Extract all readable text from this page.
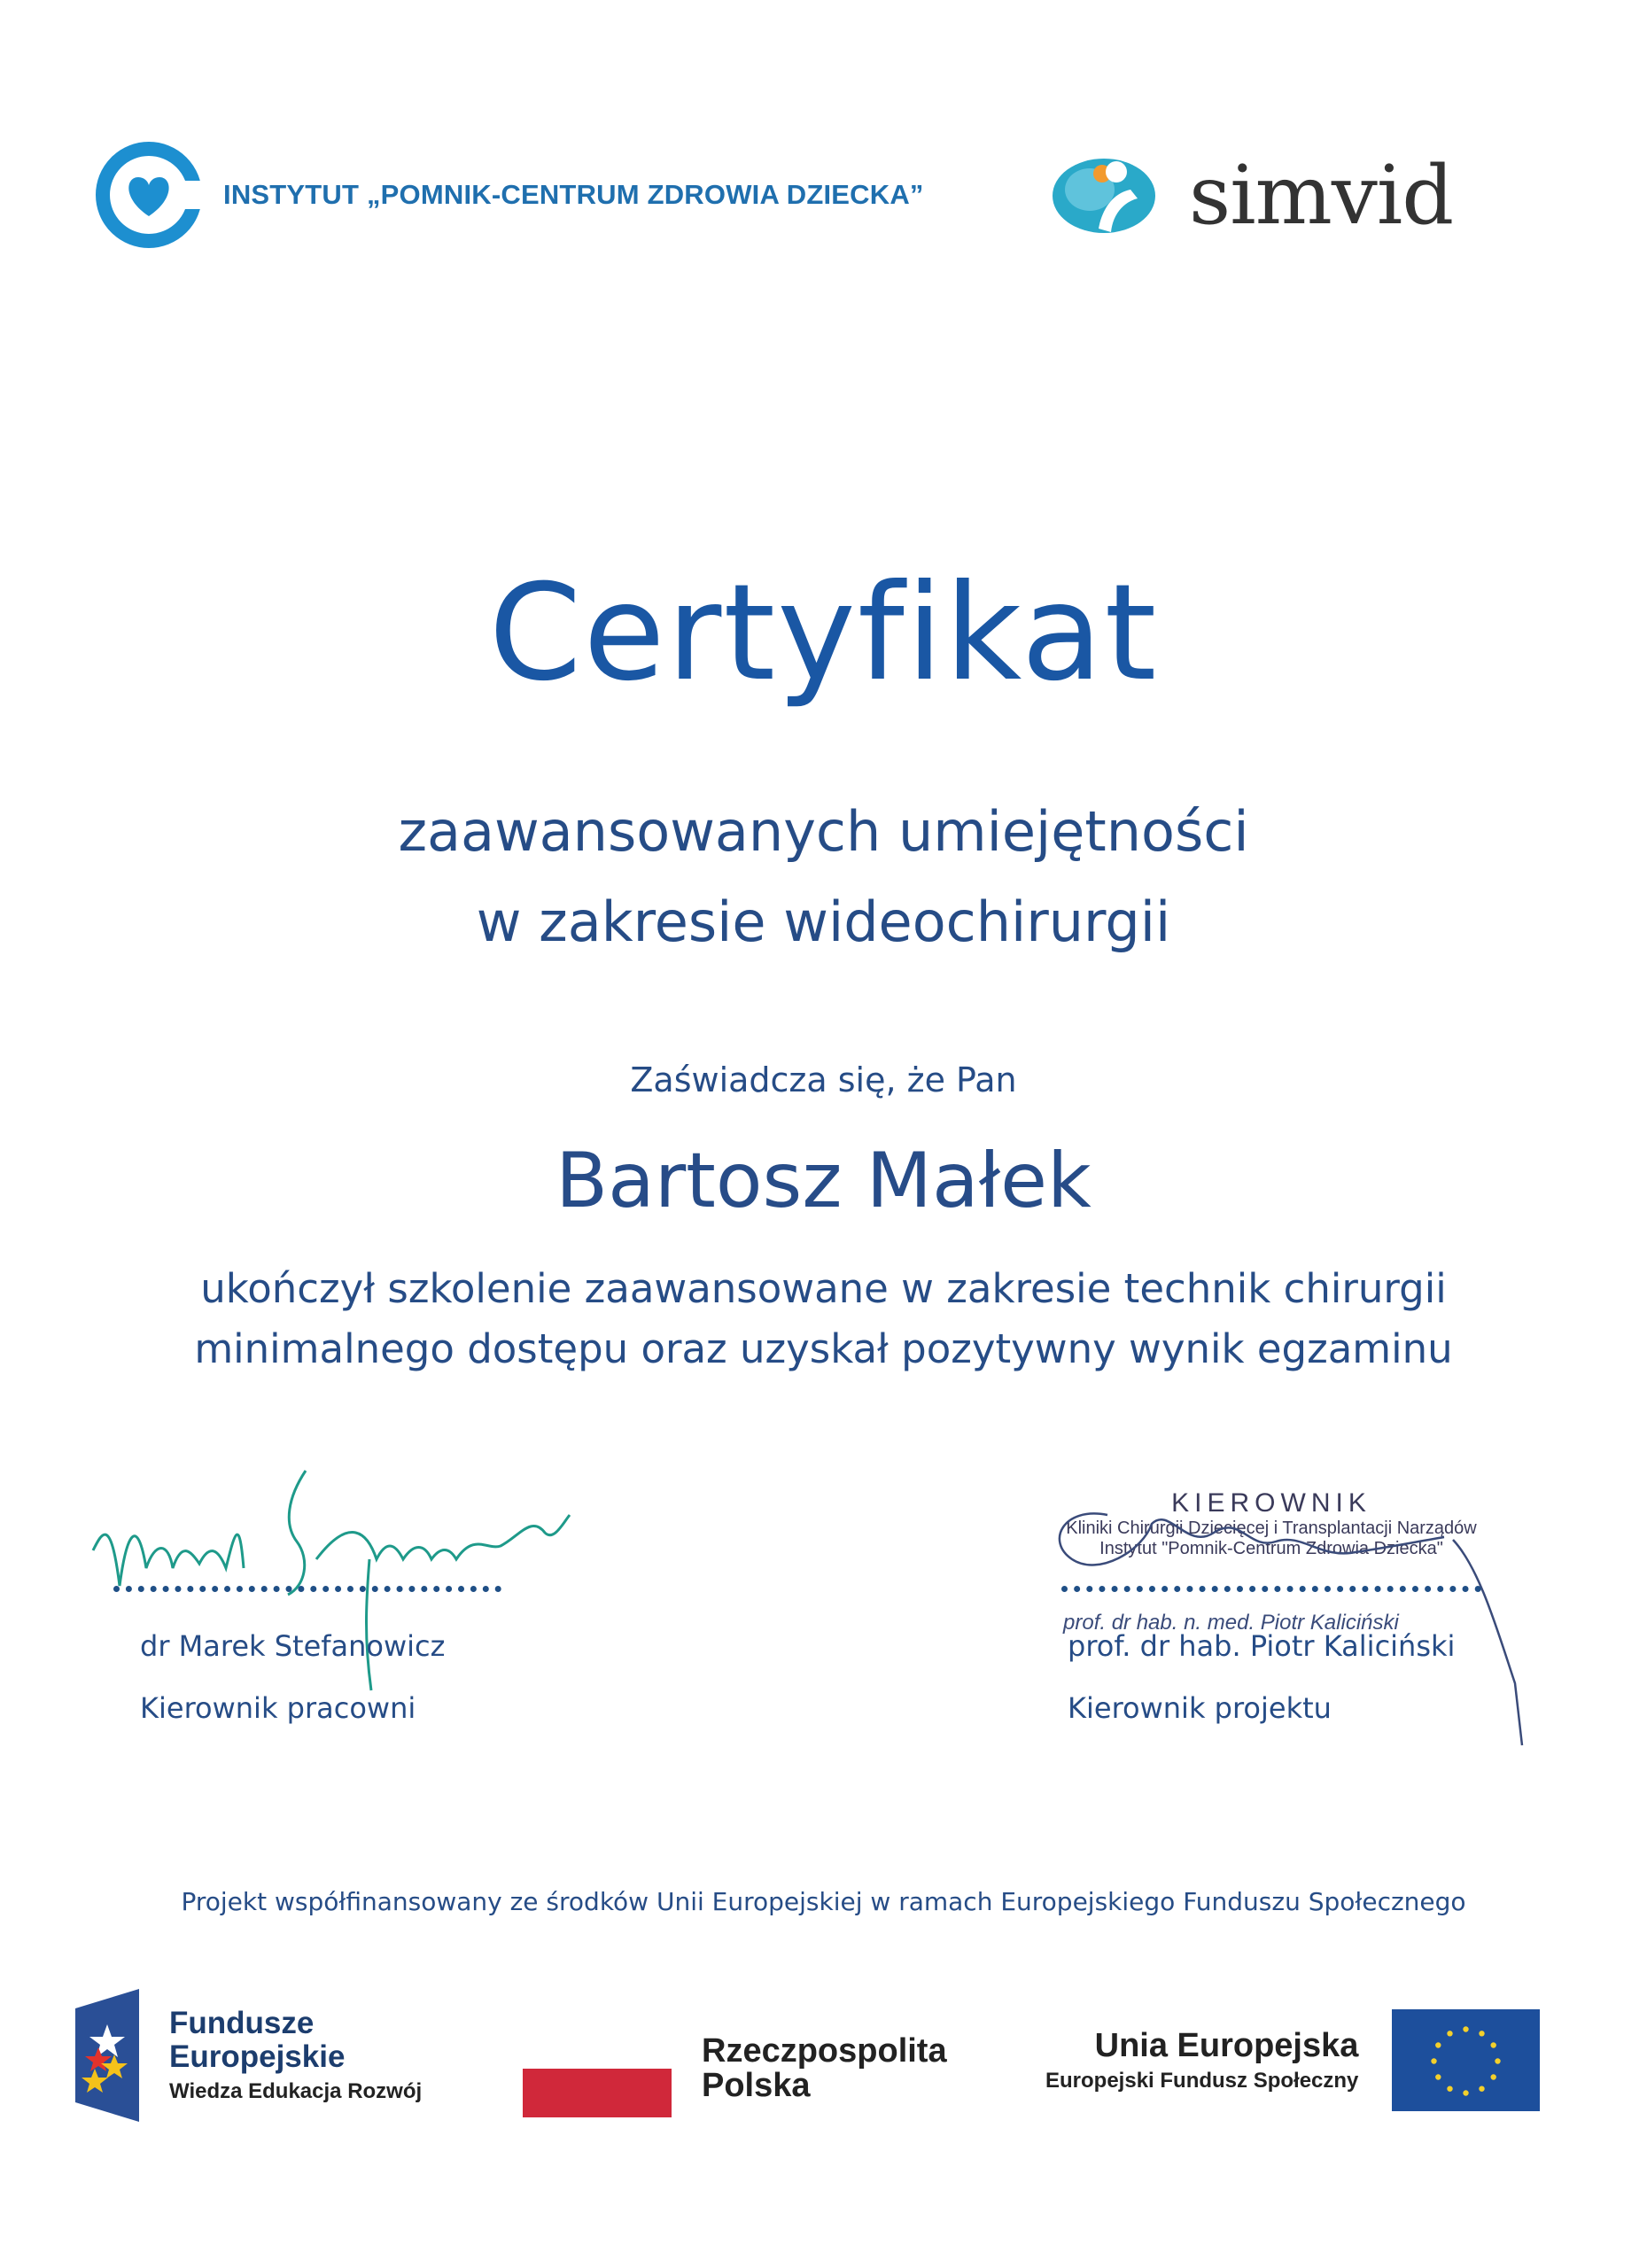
INSTYTUT „POMNIK-CENTRUM ZDROWIA DZIECKA”	simvid
Certyfikat
zaawansowanych umiejętności
w zakresie wideochirurgii
Zaświadcza się, że Pan
Bartosz Małek
ukończył szkolenie zaawansowane w zakresie technik chirurgii
minimalnego dostępu oraz uzyskał pozytywny wynik egzaminu
dr Marek Stefanowicz
Kierownik pracowni
KIEROWNIK
Kliniki Chirurgii Dziecięcej i Transplantacji Narządów
Instytut "Pomnik-Centrum Zdrowia Dziecka"
prof. dr hab. n. med. Piotr Kaliciński
prof. dr hab. Piotr Kaliciński
Kierownik projektu
Projekt współfinansowany ze środków Unii Europejskiej w ramach Europejskiego Funduszu Społecznego
Fundusze
Europejskie
Wiedza Edukacja Rozwój
Rzeczpospolita
Polska
Unia Europejska
Europejski Fundusz Społeczny
